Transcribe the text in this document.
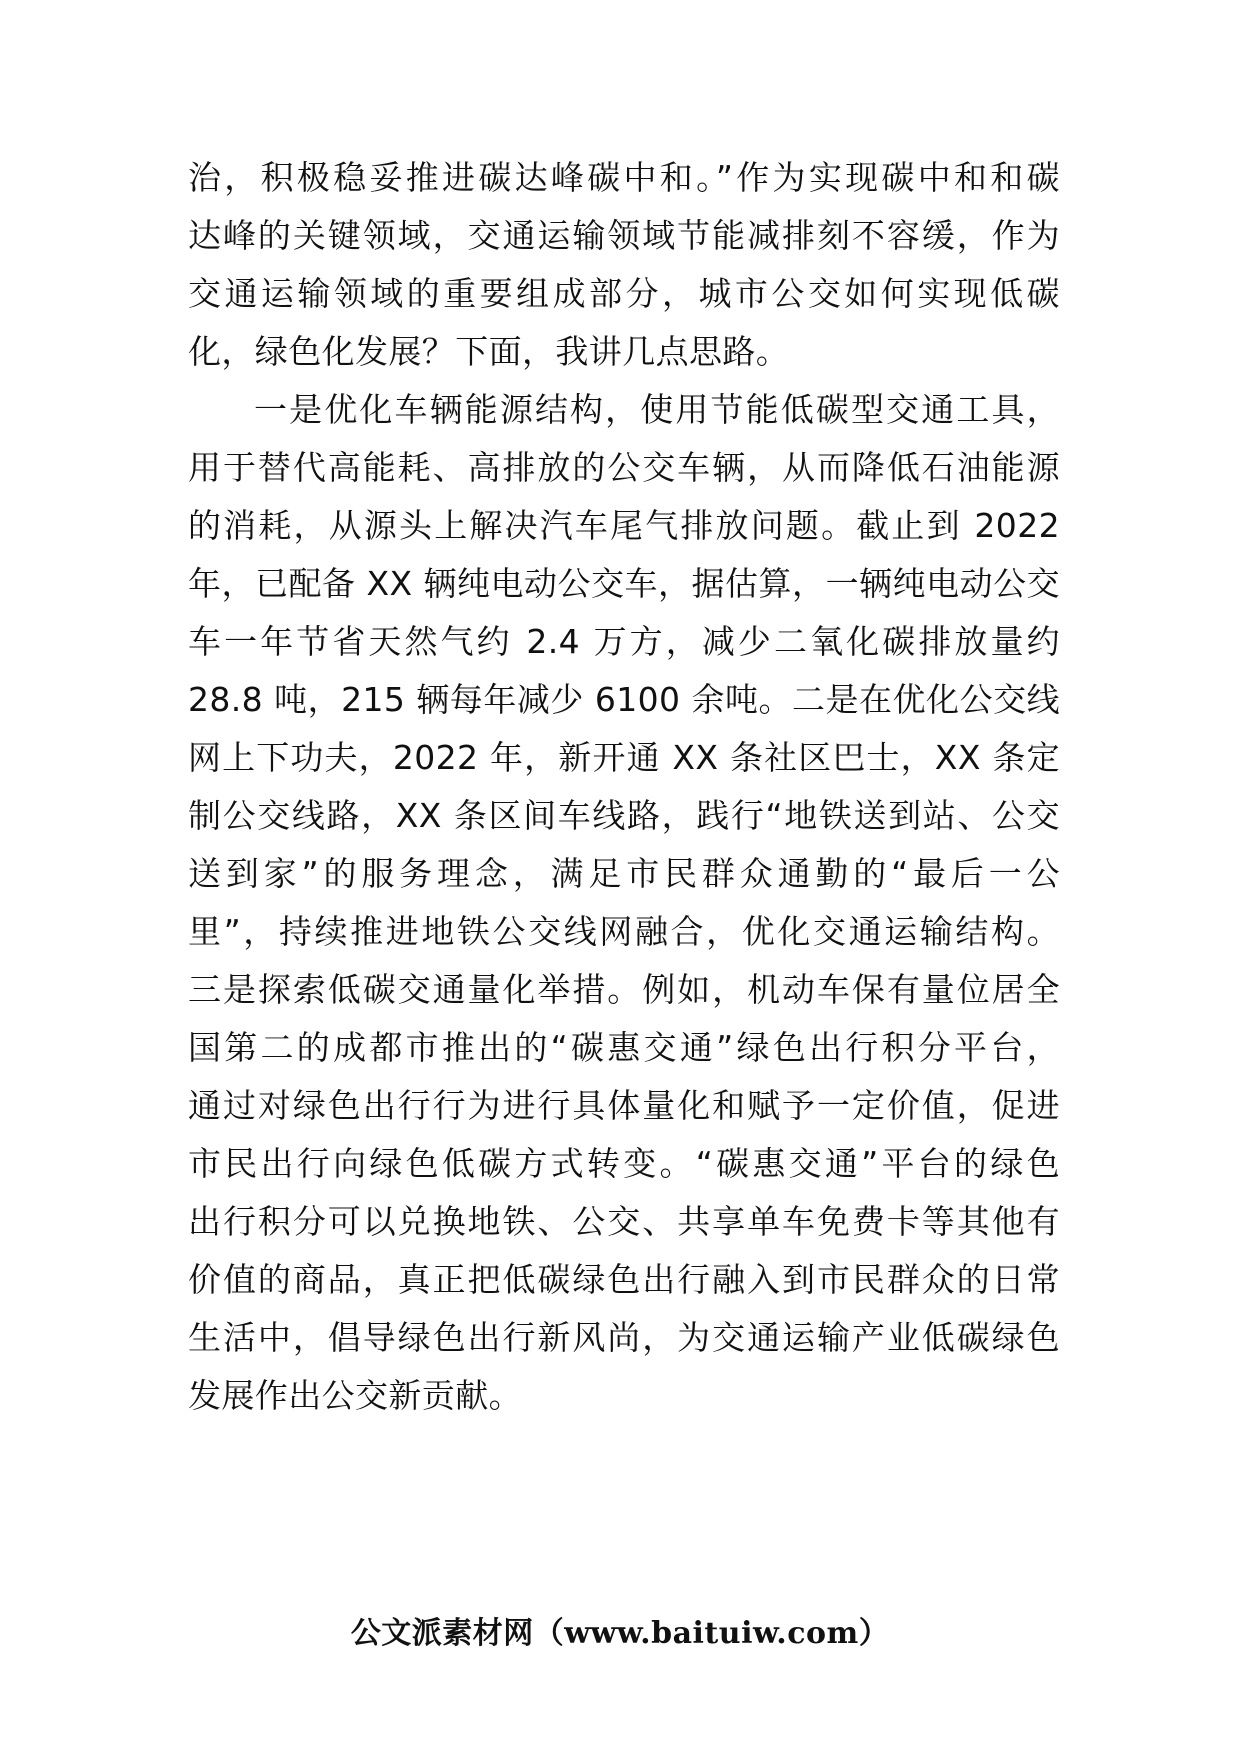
治，积极稳妥推进碳达峰碳中和。”作为实现碳中和和碳
达峰的关键领域，交通运输领域节能减排刻不容缓，作为
交通运输领域的重要组成部分，城市公交如何实现低碳
化，绿色化发展？下面，我讲几点思路。
一是优化车辆能源结构，使用节能低碳型交通工具，
用于替代高能耗、高排放的公交车辆，从而降低石油能源
的消耗，从源头上解决汽车尾气排放问题。截止到 2022
年，已配备 XX 辆纯电动公交车，据估算，一辆纯电动公交
车一年节省天然气约 2.4 万方，减少二氧化碳排放量约
28.8 吨，215 辆每年减少 6100 余吨。二是在优化公交线
网上下功夫，2022 年，新开通 XX 条社区巴士，XX 条定
制公交线路，XX 条区间车线路，践行“地铁送到站、公交
送到家”的服务理念，满足市民群众通勤的“最后一公
里”，持续推进地铁公交线网融合，优化交通运输结构。
三是探索低碳交通量化举措。例如，机动车保有量位居全
国第二的成都市推出的“碳惠交通”绿色出行积分平台，
通过对绿色出行行为进行具体量化和赋予一定价值，促进
市民出行向绿色低碳方式转变。“碳惠交通”平台的绿色
出行积分可以兑换地铁、公交、共享单车免费卡等其他有
价值的商品，真正把低碳绿色出行融入到市民群众的日常
生活中，倡导绿色出行新风尚，为交通运输产业低碳绿色
发展作出公交新贡献。
公文派素材网（www.baituiw.com）
